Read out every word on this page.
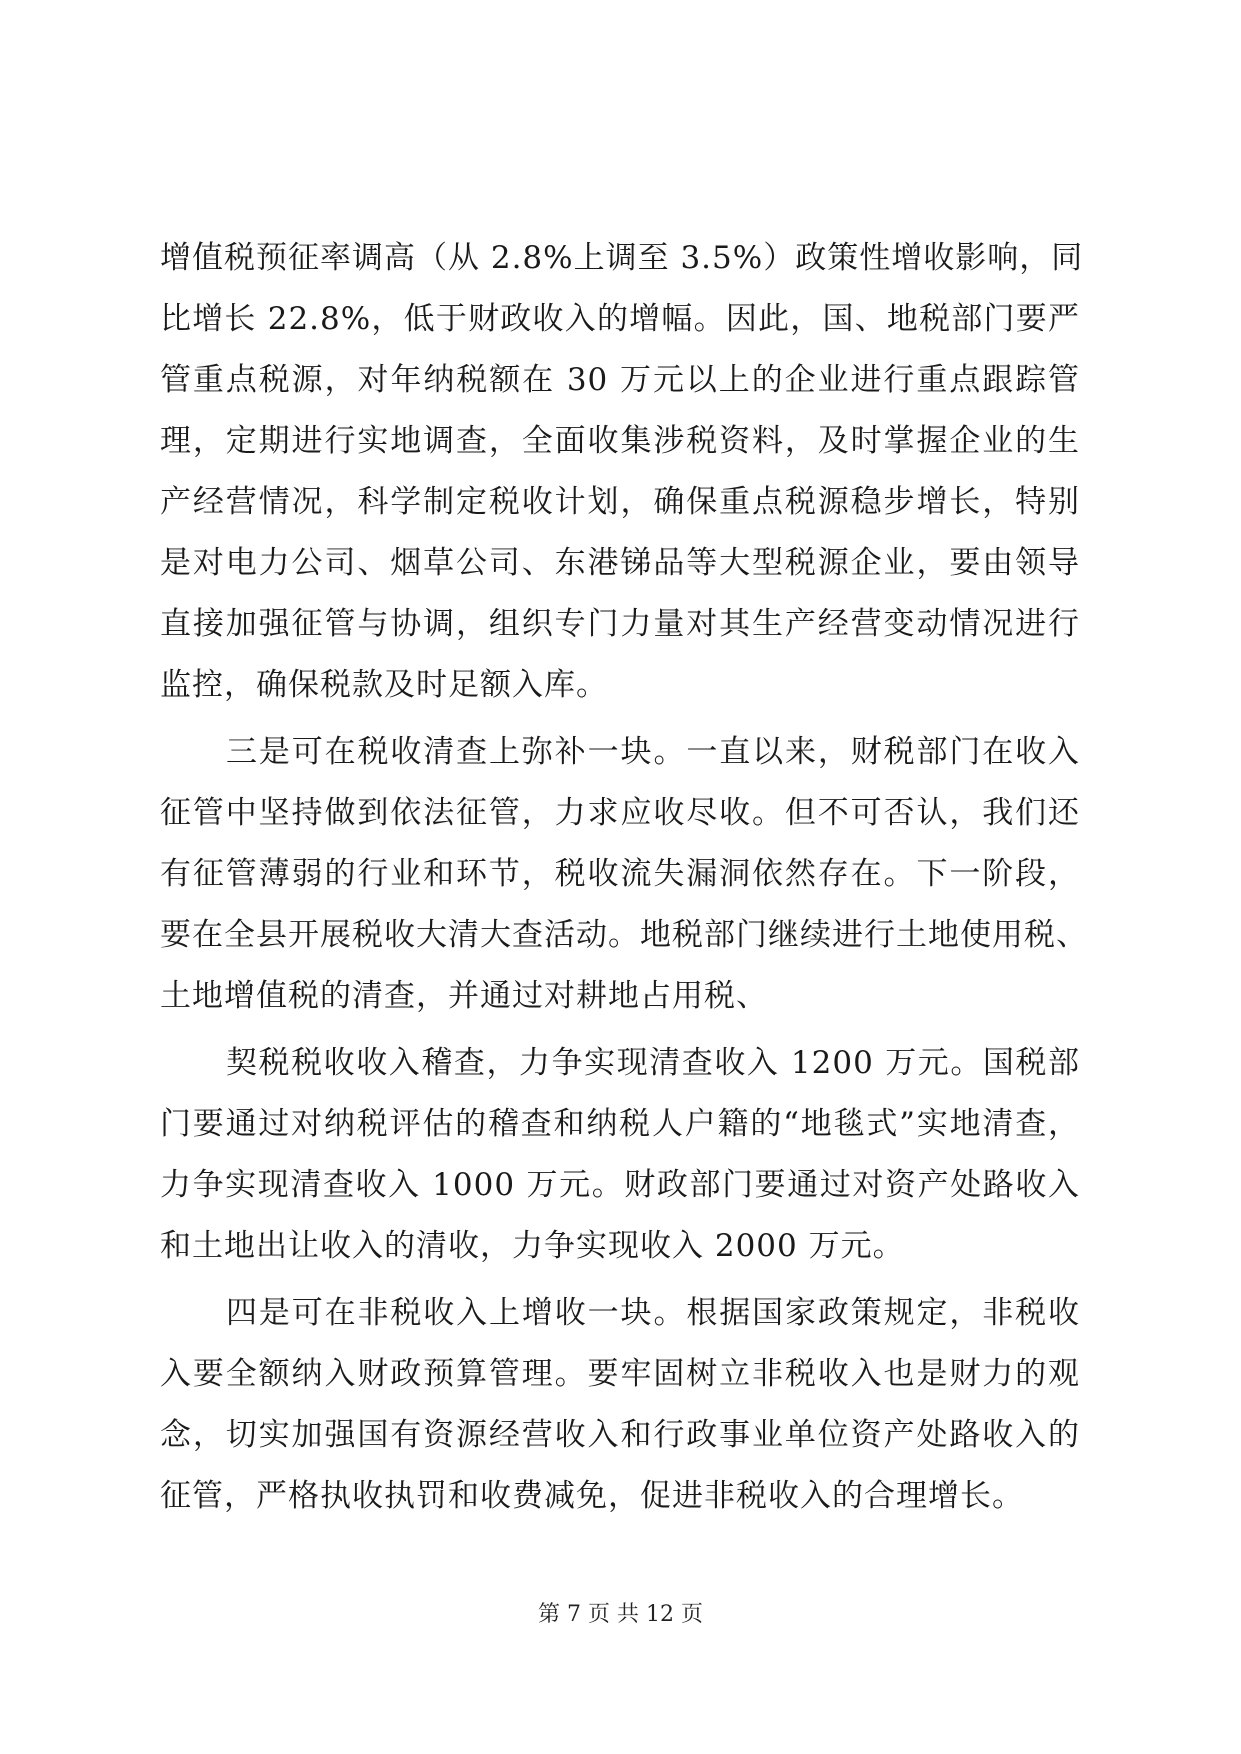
增值税预征率调高（从 2.8%上调至 3.5%）政策性增收影响，同
比增长 22.8%，低于财政收入的增幅。因此，国、地税部门要严
管重点税源，对年纳税额在 30 万元以上的企业进行重点跟踪管
理，定期进行实地调查，全面收集涉税资料，及时掌握企业的生
产经营情况，科学制定税收计划，确保重点税源稳步增长，特别
是对电力公司、烟草公司、东港锑品等大型税源企业，要由领导
直接加强征管与协调，组织专门力量对其生产经营变动情况进行
监控，确保税款及时足额入库。

三是可在税收清查上弥补一块。一直以来，财税部门在收入
征管中坚持做到依法征管，力求应收尽收。但不可否认，我们还
有征管薄弱的行业和环节，税收流失漏洞依然存在。下一阶段，
要在全县开展税收大清大查活动。地税部门继续进行土地使用税、
土地增值税的清查，并通过对耕地占用税、

契税税收收入稽查，力争实现清查收入 1200 万元。国税部
门要通过对纳税评估的稽查和纳税人户籍的“地毯式”实地清查，
力争实现清查收入 1000 万元。财政部门要通过对资产处路收入
和土地出让收入的清收，力争实现收入 2000 万元。

四是可在非税收入上增收一块。根据国家政策规定，非税收
入要全额纳入财政预算管理。要牢固树立非税收入也是财力的观
念，切实加强国有资源经营收入和行政事业单位资产处路收入的
征管，严格执收执罚和收费减免，促进非税收入的合理增长。

第 7 页 共 12 页
